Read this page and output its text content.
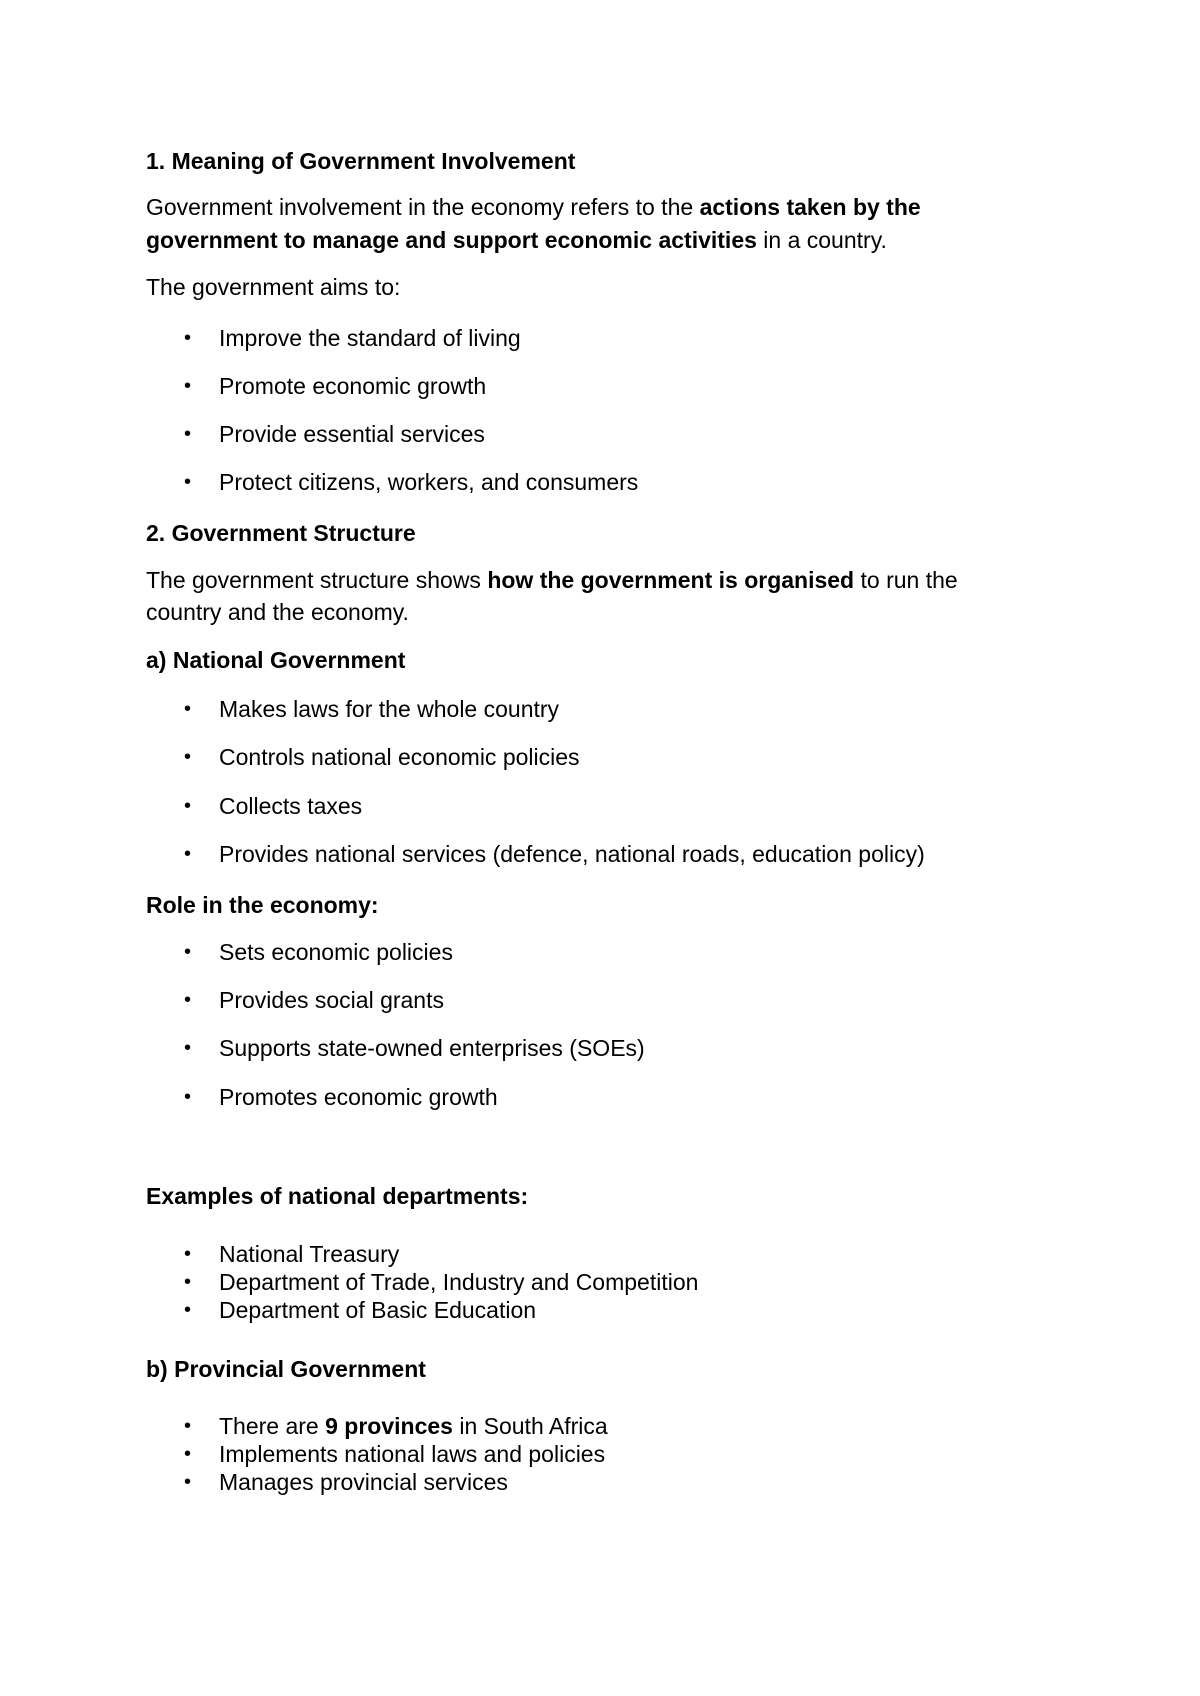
1. Meaning of Government Involvement
Government involvement in the economy refers to the actions taken by the
government to manage and support economic activities in a country.
The government aims to:
• Improve the standard of living
• Promote economic growth
• Provide essential services
• Protect citizens, workers, and consumers
2. Government Structure
The government structure shows how the government is organised to run the
country and the economy.
a) National Government
• Makes laws for the whole country
• Controls national economic policies
• Collects taxes
• Provides national services (defence, national roads, education policy)
Role in the economy:
• Sets economic policies
• Provides social grants
• Supports state-owned enterprises (SOEs)
• Promotes economic growth
Examples of national departments:
• National Treasury
• Department of Trade, Industry and Competition
• Department of Basic Education
b) Provincial Government
• There are 9 provinces in South Africa
• Implements national laws and policies
• Manages provincial services
